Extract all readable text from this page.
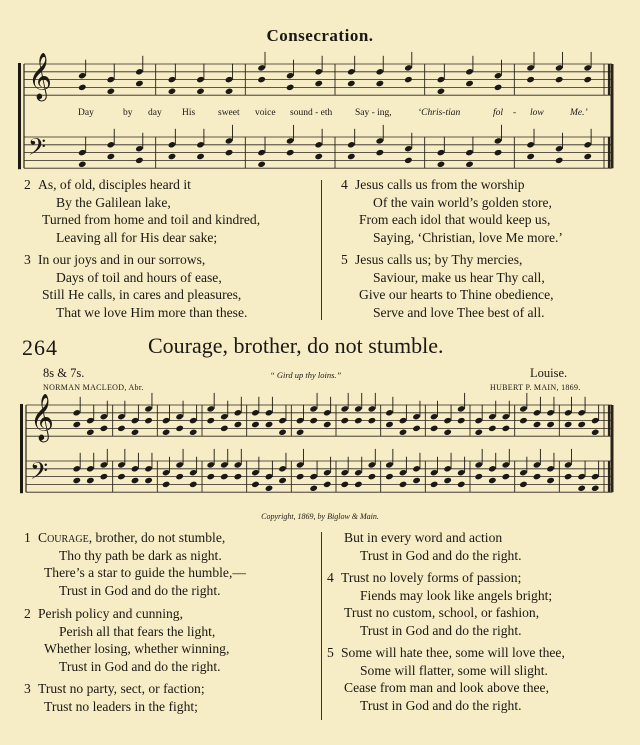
Consecration.
𝄞
𝄢
Day	by day His sweet voice sound - eth Say - ing,	‘Chris-tian	fol - low	Me.’
2 As, of old, disciples heard it
By the Galilean lake,
Turned from home and toil and kindred,
Leaving all for His dear sake;
3 In our joys and in our sorrows,
Days of toil and hours of ease,
Still He calls, in cares and pleasures,
That we love Him more than these.
4 Jesus calls us from the worship
Of the vain world’s golden store,
From each idol that would keep us,
Saying, ‘Christian, love Me more.’
5 Jesus calls us; by Thy mercies,
Saviour, make us hear Thy call,
Give our hearts to Thine obedience,
Serve and love Thee best of all.
264	Courage, brother, do not stumble.
8s & 7s.	“ Gird up thy loins.”	Louise.
NORMAN MACLEOD, Abr.	HUBERT P. MAIN, 1869.
𝄞
𝄢
Copyright, 1869, by Biglow & Main.
1 Courage, brother, do not stumble,
Tho thy path be dark as night.
There’s a star to guide the humble,—
Trust in God and do the right.
2 Perish policy and cunning,
Perish all that fears the light,
Whether losing, whether winning,
Trust in God and do the right.
3 Trust no party, sect, or faction;
Trust no leaders in the fight;
But in every word and action
Trust in God and do the right.
4 Trust no lovely forms of passion;
Fiends may look like angels bright;
Trust no custom, school, or fashion,
Trust in God and do the right.
5 Some will hate thee, some will love thee,
Some will flatter, some will slight.
Cease from man and look above thee,
Trust in God and do the right.
